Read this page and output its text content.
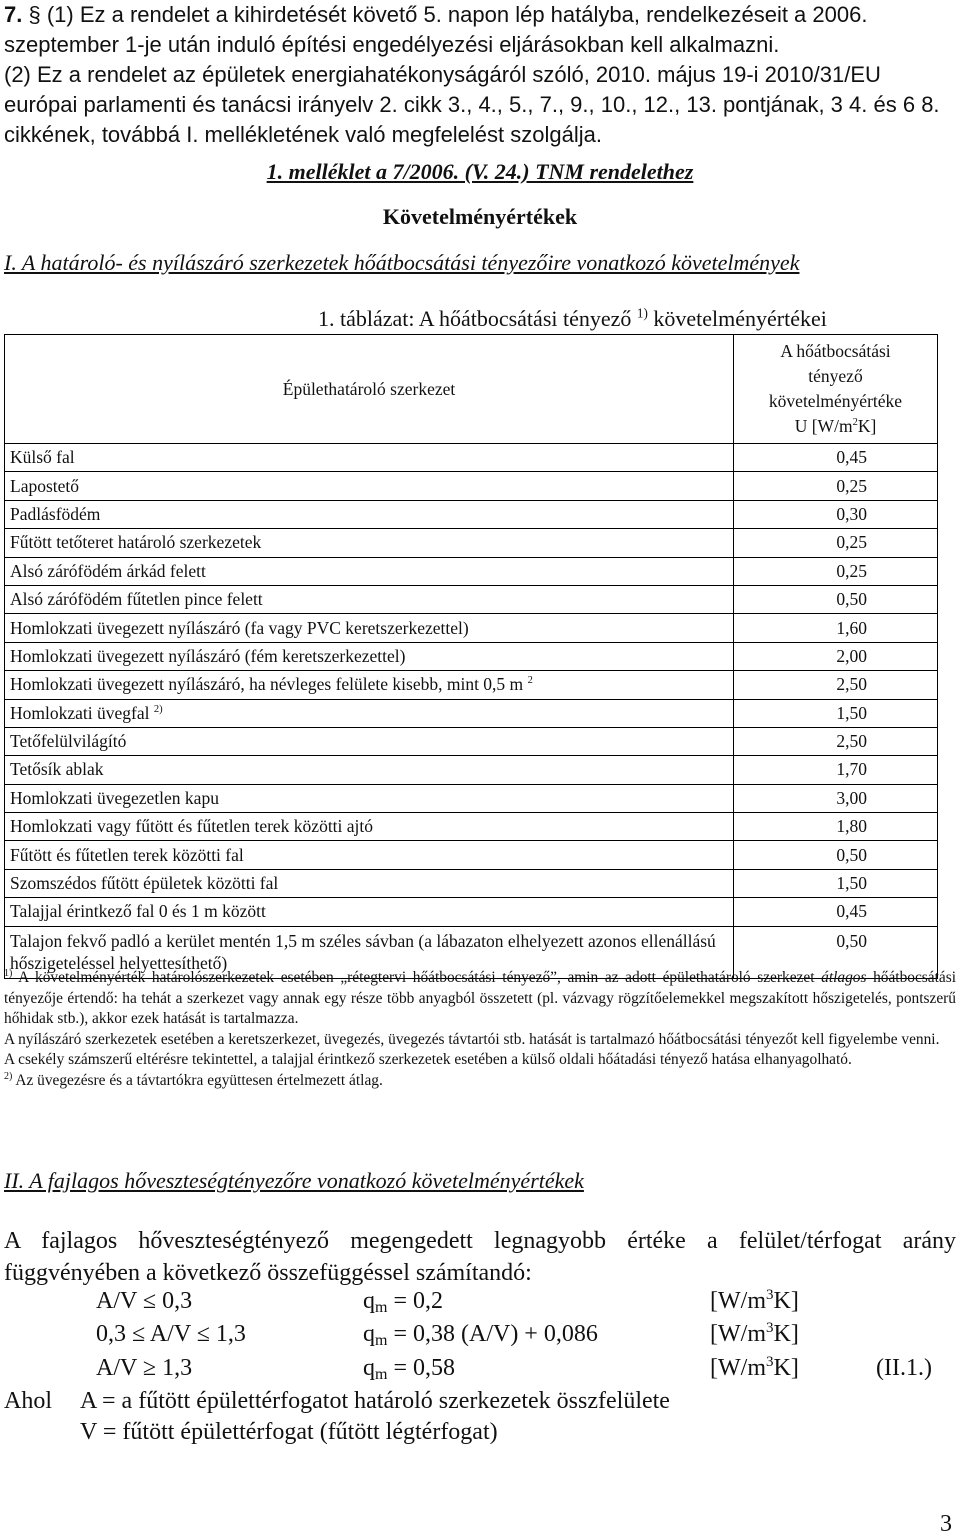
7. § (1) Ez a rendelet a kihirdetését követő 5. napon lép hatályba, rendelkezéseit a 2006. szeptember 1-je után induló építési engedélyezési eljárásokban kell alkalmazni.

(2) Ez a rendelet az épületek energiahatékonyságáról szóló, 2010. május 19-i 2010/31/EU európai parlamenti és tanácsi irányelv 2. cikk 3., 4., 5., 7., 9., 10., 12., 13. pontjának, 3 4. és 6 8. cikkének, továbbá I. mellékletének való megfelelést szolgálja.

1. melléklet a 7/2006. (V. 24.) TNM rendelethez
Követelményértékek
I. A határoló- és nyílászáró szerkezetek hőátbocsátási tényezőire vonatkozó követelmények
1. táblázat: A hőátbocsátási tényező $^{1)}$ követelményértékei
Épülethatároló szerkezet	A hőátbocsátási
tényező
követelményértéke
U $[W/m^2K]$

Külső fal	0,45
Lapostető	0,25
Padlásfödém	0,30
Fűtött tetőteret határoló szerkezetek	0,25
Alsó zárófödém árkád felett	0,25
Alsó zárófödém fűtetlen pince felett	0,50
Homlokzati üvegezett nyílászáró (fa vagy PVC keretszerkezettel)	1,60
Homlokzati üvegezett nyílászáró (fém keretszerkezettel)	2,00
Homlokzati üvegezett nyílászáró, ha névleges felülete kisebb, mint 0,5 m $^2$	2,50
Homlokzati üvegfal $^{2)}$	1,50
Tetőfelülvilágító	2,50
Tetősík ablak	1,70
Homlokzati üvegezetlen kapu	3,00
Homlokzati vagy fűtött és fűtetlen terek közötti ajtó	1,80
Fűtött és fűtetlen terek közötti fal	0,50
Szomszédos fűtött épületek közötti fal	1,50
Talajjal érintkező fal 0 és 1 m között	0,45
Talajon fekvő padló a kerület mentén 1,5 m széles sávban (a lábazaton elhelyezett azonos ellenállású hőszigeteléssel helyettesíthető)	0,50

$^{1)}$ A követelményérték határolószerkezetek esetében „rétegtervi hőátbocsátási tényező”, amin az adott épülethatároló szerkezet átlagos hőátbocsátási tényezője értendő: ha tehát a szerkezet vagy annak egy része több anyagból összetett (pl. vázvagy rögzítőelemekkel megszakított hőszigetelés, pontszerű hőhidak stb.), akkor ezek hatását is tartalmazza.

A nyílászáró szerkezetek esetében a keretszerkezet, üvegezés, üvegezés távtartói stb. hatását is tartalmazó hőátbocsátási tényezőt kell figyelembe venni.

A csekély számszerű eltérésre tekintettel, a talajjal érintkező szerkezetek esetében a külső oldali hőátadási tényező hatása elhanyagolható.

$^{2)}$ Az üvegezésre és a távtartókra együttesen értelmezett átlag.

II. A fajlagos hőveszteségtényezőre vonatkozó követelményértékek

A fajlagos hőveszteségtényező megengedett legnagyobb értéke a felület/térfogat arány függvényében a következő összefüggéssel számítandó:

A/V ≤ 0,3	$q_m = 0,2$	$[W/m^3K]$
0,3 ≤ A/V ≤ 1,3	$q_m = 0,38$ (A/V) + 0,086	$[W/m^3K]$
A/V ≥ 1,3	$q_m = 0,58$	$[W/m^3K]$	(II.1.)
Ahol A = a fűtött épülettérfogatot határoló szerkezetek összfelülete
V = fűtött épülettérfogat (fűtött légtérfogat)
3
